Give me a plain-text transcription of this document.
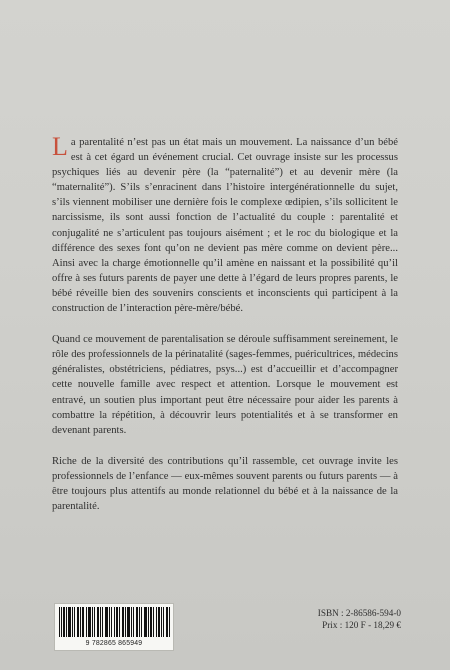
L a parentalité n’est pas un état mais un mouvement. La naissance d’un bébé est à cet égard un événement crucial. Cet ouvrage insiste sur les processus psychiques liés au devenir père (la “paternalité”) et au devenir mère (la “maternalité”). S’ils s’enracinent dans l’histoire intergénérationnelle du sujet, s’ils viennent mobiliser une dernière fois le complexe œdipien, s’ils sollicitent le narcissisme, ils sont aussi fonction de l’actualité du couple : parentalité et conjugalité ne s’articulent pas toujours aisément ; et le roc du biologique et la différence des sexes font qu’on ne devient pas mère comme on devient père... Ainsi avec la charge émotionnelle qu’il amène en naissant et la possibilité qu’il offre à ses futurs parents de payer une dette à l’égard de leurs propres parents, le bébé réveille bien des souvenirs conscients et inconscients qui participent à la construction de l’interaction père-mère/bébé.

Quand ce mouvement de parentalisation se déroule suffisamment sereinement, le rôle des professionnels de la périnatalité (sages-femmes, puéricultrices, médecins généralistes, obstétriciens, pédiatres, psys...) est d’accueillir et d’accompagner cette nouvelle famille avec respect et attention. Lorsque le mouvement est entravé, un soutien plus important peut être nécessaire pour aider les parents à combattre la répétition, à découvrir leurs potentialités et à se transformer en devenant parents.

Riche de la diversité des contributions qu’il rassemble, cet ouvrage invite les professionnels de l’enfance — eux-mêmes souvent parents ou futurs parents — à être toujours plus attentifs au monde relationnel du bébé et à la naissance de la parentalité.

9 782865 865949
ISBN : 2-86586-594-0
Prix : 120 F - 18,29 €
